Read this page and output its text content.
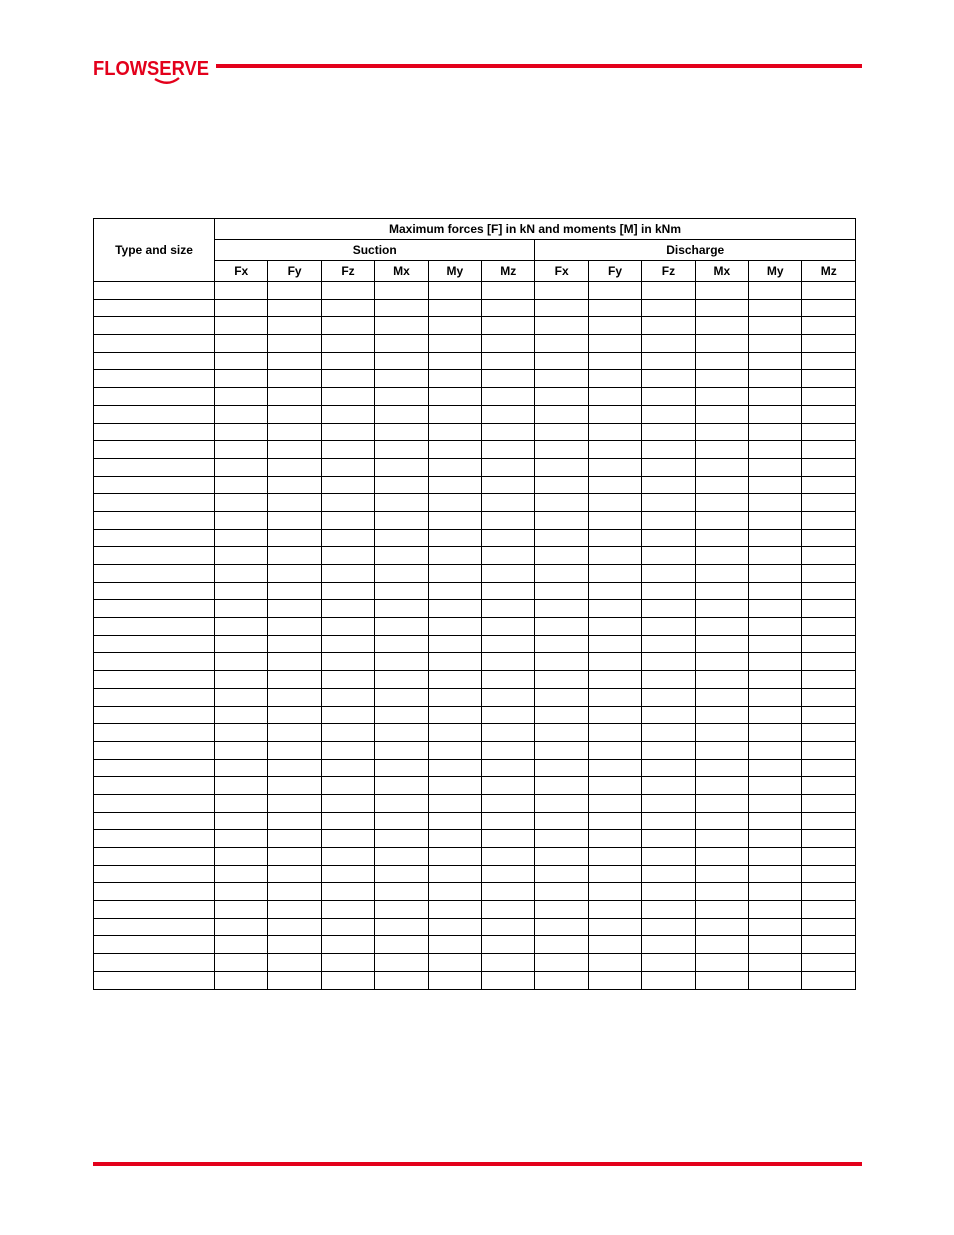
FLOWSERVE
Type and size	Maximum forces [F] in kN and moments [M] in kNm											
	Suction						Discharge					
	Fx	Fy	Fz	Mx	My	Mz	Fx	Fy	Fz	Mx	My	Mz
